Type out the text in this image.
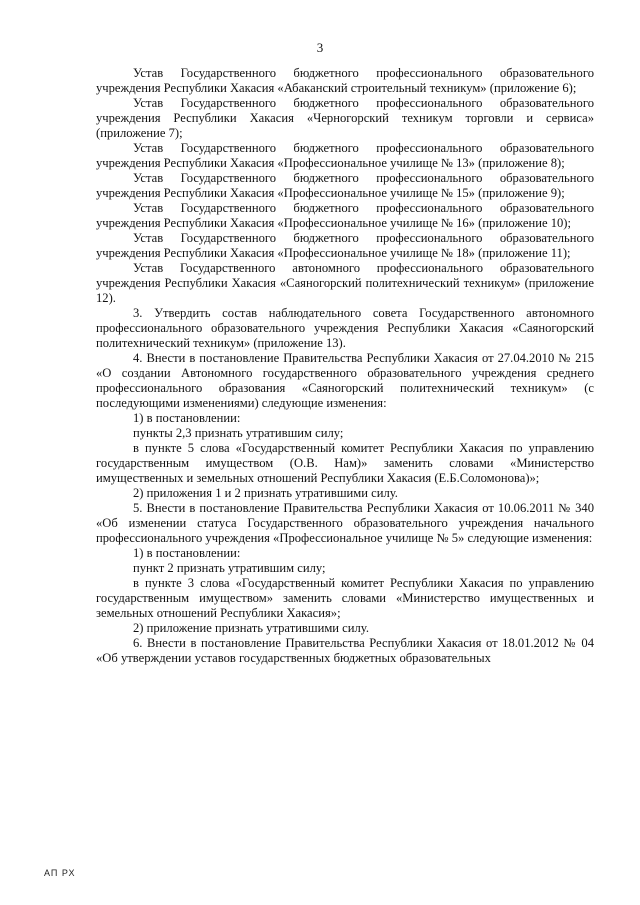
3

Устав Государственного бюджетного профессионального образовательного учреждения Республики Хакасия «Абаканский строительный техникум» (приложение 6);

Устав Государственного бюджетного профессионального образовательного учреждения Республики Хакасия «Черногорский техникум торговли и сервиса» (приложение 7);

Устав Государственного бюджетного профессионального образовательного учреждения Республики Хакасия «Профессиональное училище № 13» (приложение 8);

Устав Государственного бюджетного профессионального образовательного учреждения Республики Хакасия «Профессиональное училище № 15» (приложение 9);

Устав Государственного бюджетного профессионального образовательного учреждения Республики Хакасия «Профессиональное училище № 16» (приложение 10);

Устав Государственного бюджетного профессионального образовательного учреждения Республики Хакасия «Профессиональное училище № 18» (приложение 11);

Устав Государственного автономного профессионального образовательного учреждения Республики Хакасия «Саяногорский политехнический техникум» (приложение 12).

3. Утвердить состав наблюдательного совета Государственного автономного профессионального образовательного учреждения Республики Хакасия «Саяногорский политехнический техникум» (приложение 13).

4. Внести в постановление Правительства Республики Хакасия от 27.04.2010 № 215 «О создании Автономного государственного образовательного учреждения среднего профессионального образования «Саяногорский политехнический техникум» (с последующими изменениями) следующие изменения:

1) в постановлении:

пункты 2,3 признать утратившим силу;

в пункте 5 слова «Государственный комитет Республики Хакасия по управлению государственным имуществом (О.В. Нам)» заменить словами «Министерство имущественных и земельных отношений Республики Хакасия (Е.Б.Соломонова)»;

2) приложения 1 и 2 признать утратившими силу.

5. Внести в постановление Правительства Республики Хакасия от 10.06.2011 № 340 «Об изменении статуса Государственного образовательного учреждения начального профессионального учреждения «Профессиональное училище № 5» следующие изменения:

1) в постановлении:

пункт 2 признать утратившим силу;

в пункте 3 слова «Государственный комитет Республики Хакасия по управлению государственным имуществом» заменить словами «Министерство имущественных и земельных отношений Республики Хакасия»;

2) приложение признать утратившими силу.

6. Внести в постановление Правительства Республики Хакасия от 18.01.2012 № 04 «Об утверждении уставов государственных бюджетных образовательных

АП РХ
